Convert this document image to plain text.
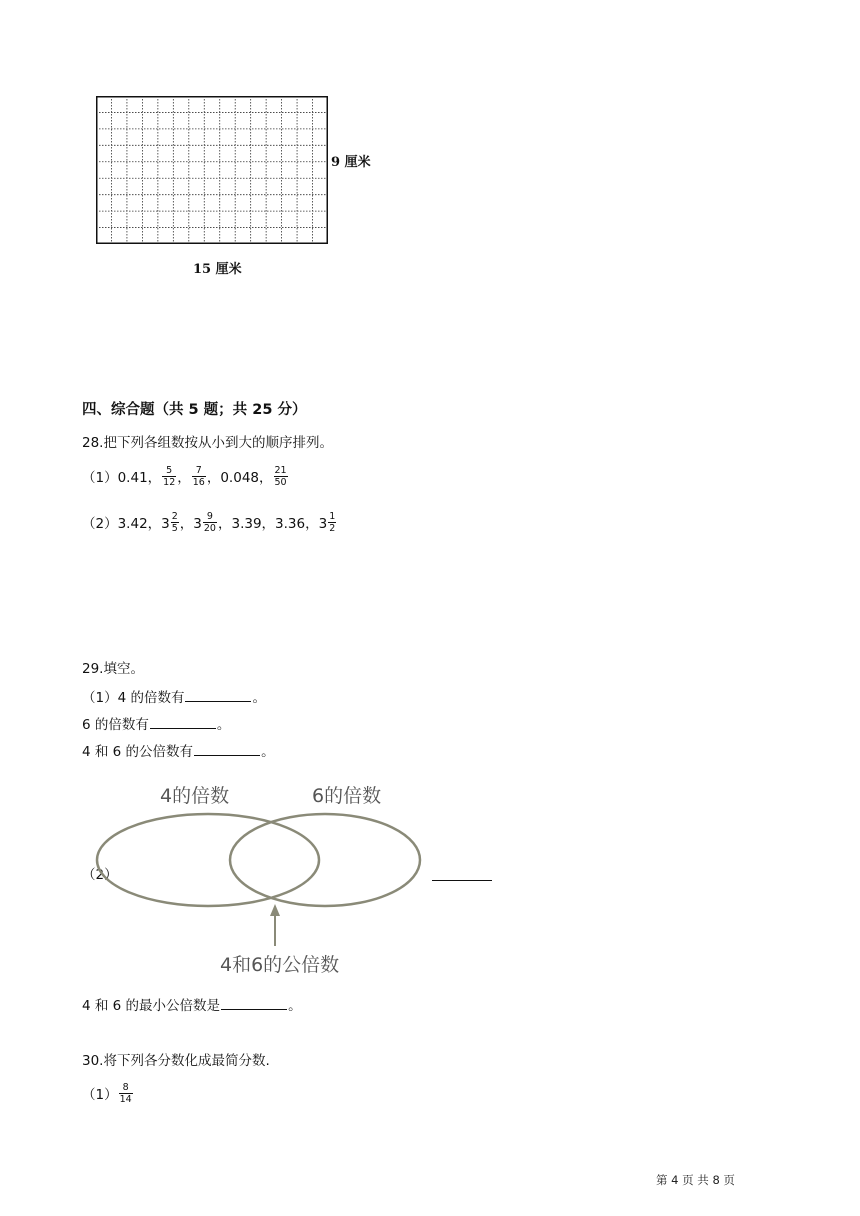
9 厘米
15 厘米
四、综合题（共 5 题；共 25 分）
28.把下列各组数按从小到大的顺序排列。
（1） 0.41， $\frac{5}{12}$ ， $\frac{7}{16}$ ，0.048， $\frac{21}{50}$
（2） 3.42， $3 \frac{2}{5}$ ， $3 \frac{9}{20}$ ，3.39，3.36， $3 \frac{1}{2}$
29.填空。
（1）4 的倍数有	。
6 的倍数有	。
4 和 6 的公倍数有	。
（2）
4的倍数	6的倍数
4和6的公倍数
4 和 6 的最小公倍数是	。
30.将下列各分数化成最简分数.
$(1) \frac{8}{14}$
第 4 页 共 8 页
